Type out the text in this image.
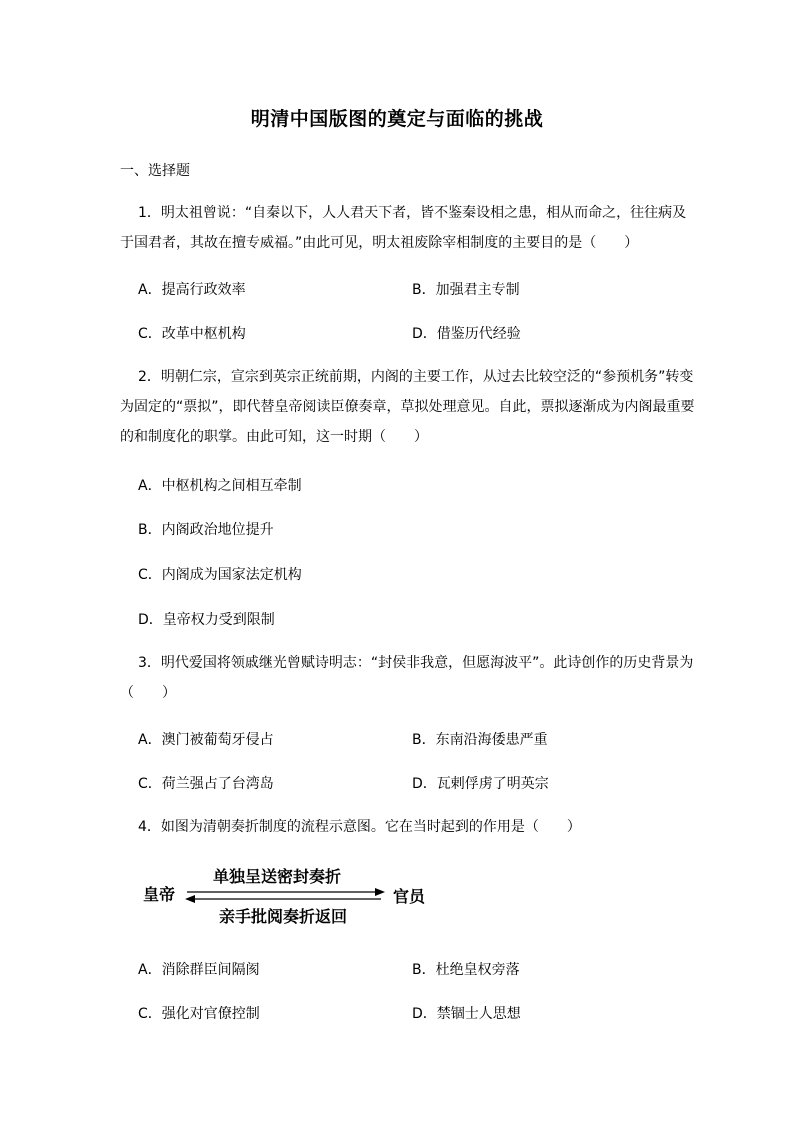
明清中国版图的奠定与面临的挑战
一、选择题
1．明太祖曾说：“自秦以下，人人君天下者，皆不鉴秦设相之患，相从而命之，往往病及于国君者，其故在擅专威福。”由此可见，明太祖废除宰相制度的主要目的是（　　）
A．提高行政效率	B．加强君主专制
C．改革中枢机构	D．借鉴历代经验
2．明朝仁宗，宣宗到英宗正统前期，内阁的主要工作，从过去比较空泛的“参预机务”转变为固定的“票拟”，即代替皇帝阅读臣僚奏章，草拟处理意见。自此，票拟逐渐成为内阁最重要的和制度化的职掌。由此可知，这一时期（　　）
A．中枢机构之间相互牵制
B．内阁政治地位提升
C．内阁成为国家法定机构
D．皇帝权力受到限制
3．明代爱国将领戚继光曾赋诗明志：“封侯非我意，但愿海波平”。此诗创作的历史背景为（　　）
A．澳门被葡萄牙侵占	B．东南沿海倭患严重
C．荷兰强占了台湾岛	D．瓦剌俘虏了明英宗
4．如图为清朝奏折制度的流程示意图。它在当时起到的作用是（　　）
皇帝	官员
单独呈送密封奏折
亲手批阅奏折返回
A．消除群臣间隔阂	B．杜绝皇权旁落
C．强化对官僚控制	D．禁锢士人思想
